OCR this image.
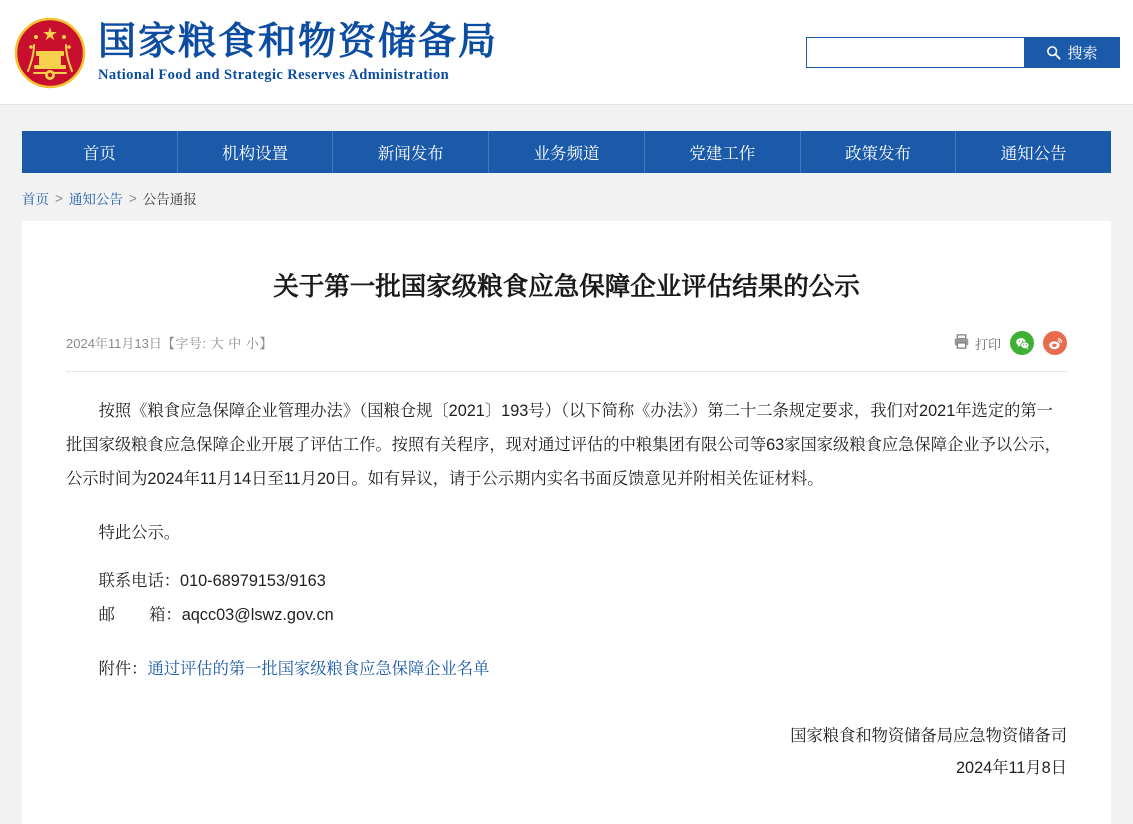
国家粮食和物资储备局
National Food and Strategic Reserves Administration
搜索
首页	机构设置	新闻发布	业务频道	党建工作	政策发布	通知公告
首页 > 通知公告 > 公告通报
关于第一批国家级粮食应急保障企业评估结果的公示
2024年11月13日【字号: 大 中 小】	打印

按照《粮食应急保障企业管理办法》（国粮仓规〔2021〕193号）（以下简称《办法》）第二十二条规定要求，我们对2021年选定的第一批国家级粮食应急保障企业开展了评估工作。按照有关程序，现对通过评估的中粮集团有限公司等63家国家级粮食应急保障企业予以公示，公示时间为2024年11月14日至11月20日。如有异议，请于公示期内实名书面反馈意见并附相关佐证材料。

特此公示。

联系电话：010-68979153/9163

邮 箱：aqcc03@lswz.gov.cn

附件：通过评估的第一批国家级粮食应急保障企业名单

国家粮食和物资储备局应急物资储备司
2024年11月8日
